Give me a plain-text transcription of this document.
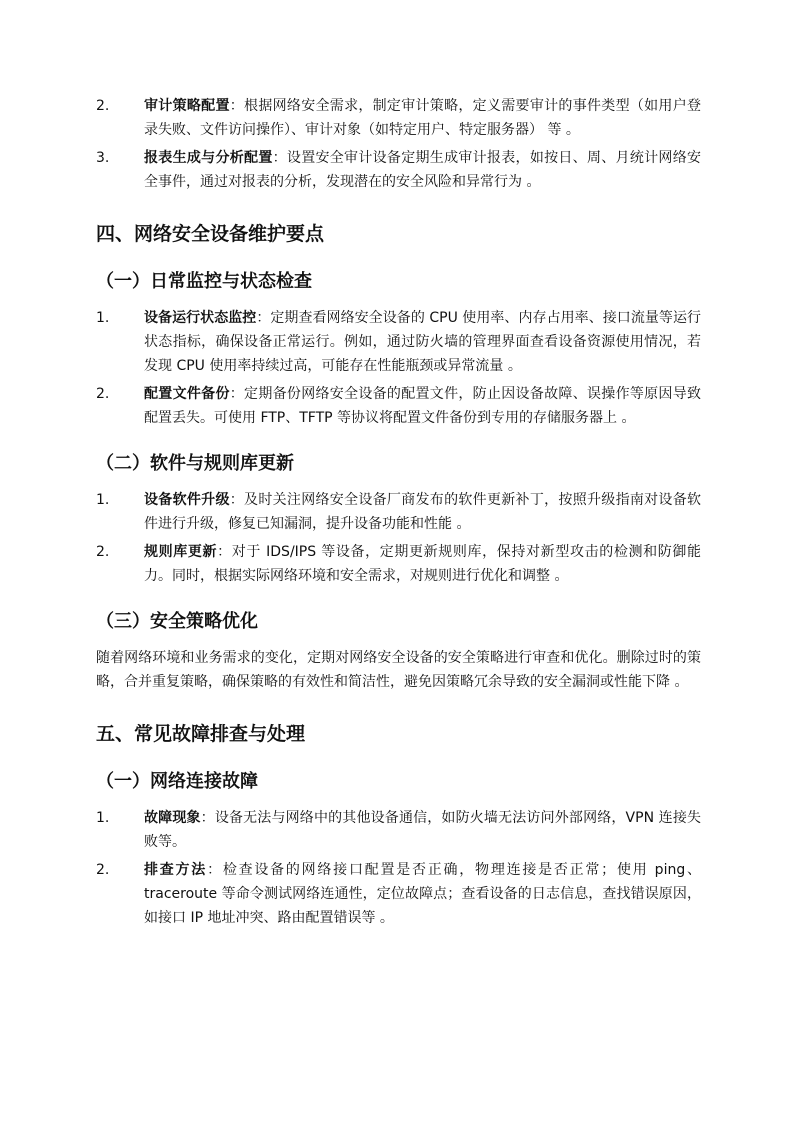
2.	审计策略配置：根据网络安全需求，制定审计策略，定义需要审计的事件类型（如用户登录失败、文件访问操作）、审计对象（如特定用户、特定服务器） 等 。
3.	报表生成与分析配置：设置安全审计设备定期生成审计报表，如按日、周、月统计网络安全事件，通过对报表的分析，发现潜在的安全风险和异常行为 。
四、网络安全设备维护要点
（一）日常监控与状态检查
1.	设备运行状态监控：定期查看网络安全设备的 CPU 使用率、内存占用率、接口流量等运行状态指标，确保设备正常运行。例如，通过防火墙的管理界面查看设备资源使用情况，若发现 CPU 使用率持续过高，可能存在性能瓶颈或异常流量 。
2.	配置文件备份：定期备份网络安全设备的配置文件，防止因设备故障、误操作等原因导致配置丢失。可使用 FTP、TFTP 等协议将配置文件备份到专用的存储服务器上 。
（二）软件与规则库更新
1.	设备软件升级：及时关注网络安全设备厂商发布的软件更新补丁，按照升级指南对设备软件进行升级，修复已知漏洞，提升设备功能和性能 。
2.	规则库更新：对于 IDS/IPS 等设备，定期更新规则库，保持对新型攻击的检测和防御能力。同时，根据实际网络环境和安全需求，对规则进行优化和调整 。
（三）安全策略优化
随着网络环境和业务需求的变化，定期对网络安全设备的安全策略进行审查和优化。删除过时的策略，合并重复策略，确保策略的有效性和简洁性，避免因策略冗余导致的安全漏洞或性能下降 。
五、常见故障排查与处理
（一）网络连接故障
1.	故障现象：设备无法与网络中的其他设备通信，如防火墙无法访问外部网络，VPN 连接失败等。
2.	排查方法：检查设备的网络接口配置是否正确，物理连接是否正常；使用 ping、traceroute 等命令测试网络连通性，定位故障点；查看设备的日志信息，查找错误原因，如接口 IP 地址冲突、路由配置错误等 。
